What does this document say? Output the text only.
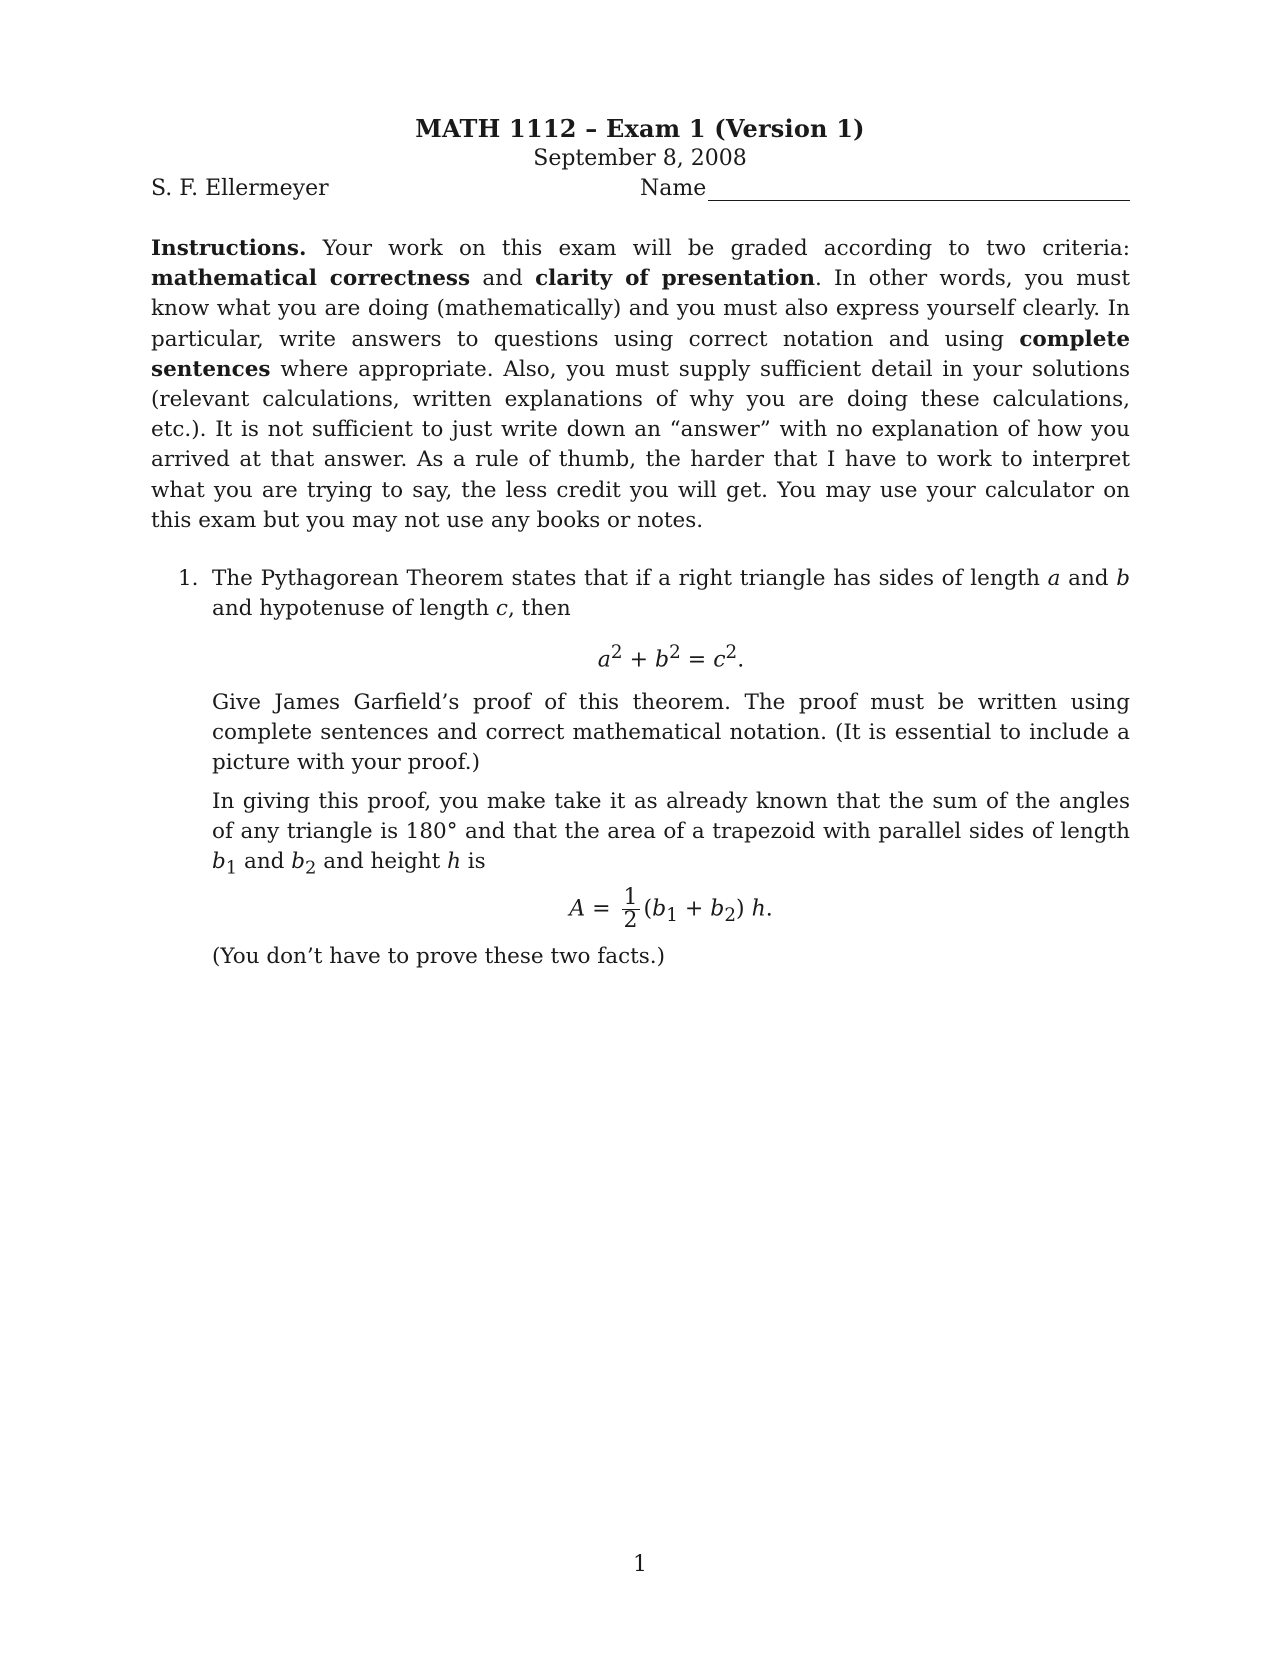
MATH 1112 – Exam 1 (Version 1)
September 8, 2008
S. F. Ellermeyer	Name
Instructions. Your work on this exam will be graded according to two criteria: mathematical correctness and clarity of presentation. In other words, you must know what you are doing (mathematically) and you must also express yourself clearly. In particular, write answers to questions using correct notation and using complete sentences where appropriate. Also, you must supply sufficient detail in your solutions (relevant calculations, written explanations of why you are doing these calculations, etc.). It is not sufficient to just write down an “answer” with no explanation of how you arrived at that answer. As a rule of thumb, the harder that I have to work to interpret what you are trying to say, the less credit you will get. You may use your calculator on this exam but you may not use any books or notes.
1. The Pythagorean Theorem states that if a right triangle has sides of length a and b and hypotenuse of length c, then

$a^2 + b^2 = c^2$.

Give James Garfield’s proof of this theorem. The proof must be written using complete sentences and correct mathematical notation. (It is essential to include a picture with your proof.)

In giving this proof, you make take it as already known that the sum of the angles of any triangle is 180° and that the area of a trapezoid with parallel sides of length $b_1$ and $b_2$ and height h is

$A = \frac{1}{2} (b_1 + b_2)$ h.

(You don’t have to prove these two facts.)

1
